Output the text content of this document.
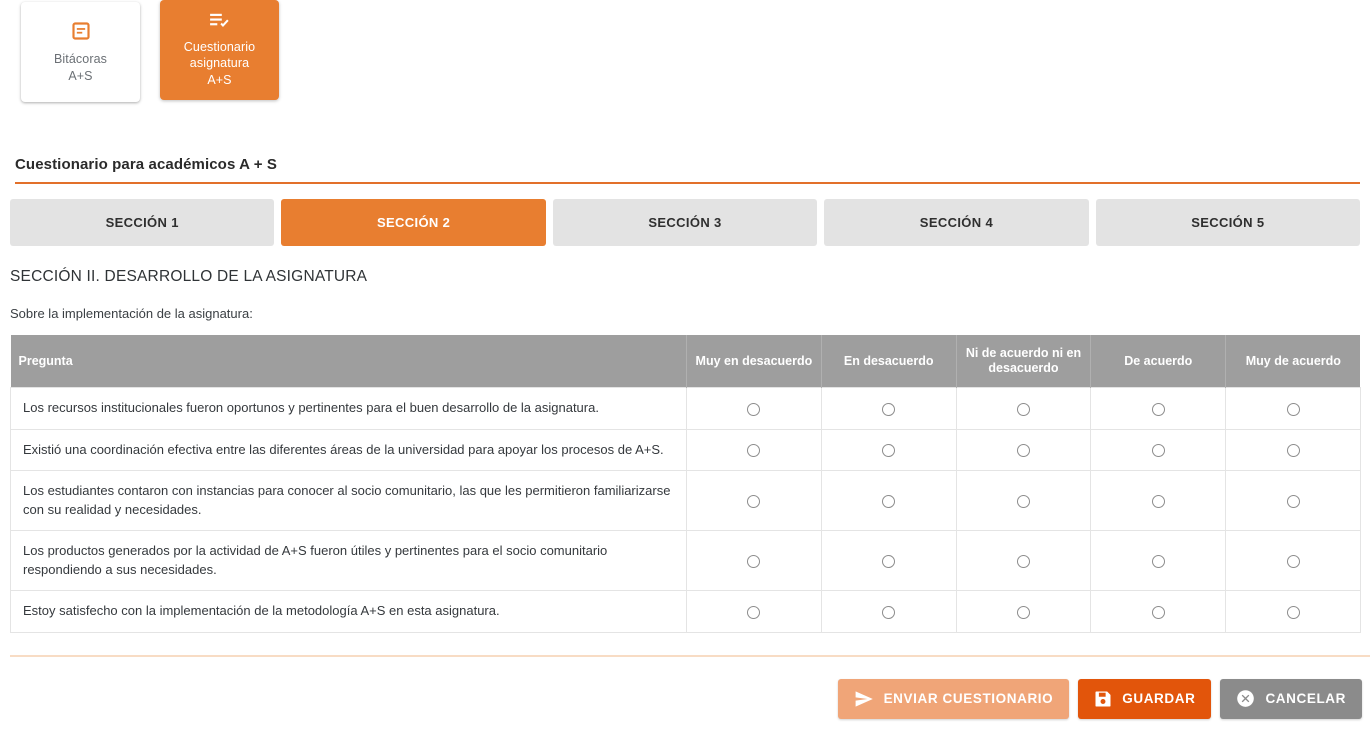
Bitácoras
A+S
Cuestionario
asignatura
A+S
Cuestionario para académicos A + S
SECCIÓN 1	SECCIÓN 2	SECCIÓN 3	SECCIÓN 4	SECCIÓN 5
SECCIÓN II. DESARROLLO DE LA ASIGNATURA
Sobre la implementación de la asignatura:
Pregunta	Muy en desacuerdo	En desacuerdo	Ni de acuerdo ni en desacuerdo	De acuerdo	Muy de acuerdo
Los recursos institucionales fueron oportunos y pertinentes para el buen desarrollo de la asignatura.					
Existió una coordinación efectiva entre las diferentes áreas de la universidad para apoyar los procesos de A+S.					
Los estudiantes contaron con instancias para conocer al socio comunitario, las que les permitieron familiarizarse con su realidad y necesidades.					
Los productos generados por la actividad de A+S fueron útiles y pertinentes para el socio comunitario respondiendo a sus necesidades.					
Estoy satisfecho con la implementación de la metodología A+S en esta asignatura.					
ENVIAR CUESTIONARIO	GUARDAR	CANCELAR
